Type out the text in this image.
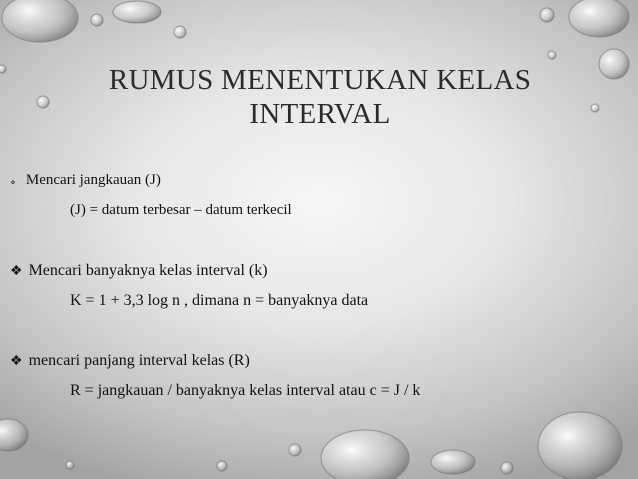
RUMUS MENENTUKAN KELAS
INTERVAL
∘ Mencari jangkauan (J)
(J) = datum terbesar – datum terkecil
❖ Mencari banyaknya kelas interval (k)
K = 1 + 3,3 log n , dimana n = banyaknya data
❖ mencari panjang interval kelas (R)
R = jangkauan / banyaknya kelas interval atau c = J / k
